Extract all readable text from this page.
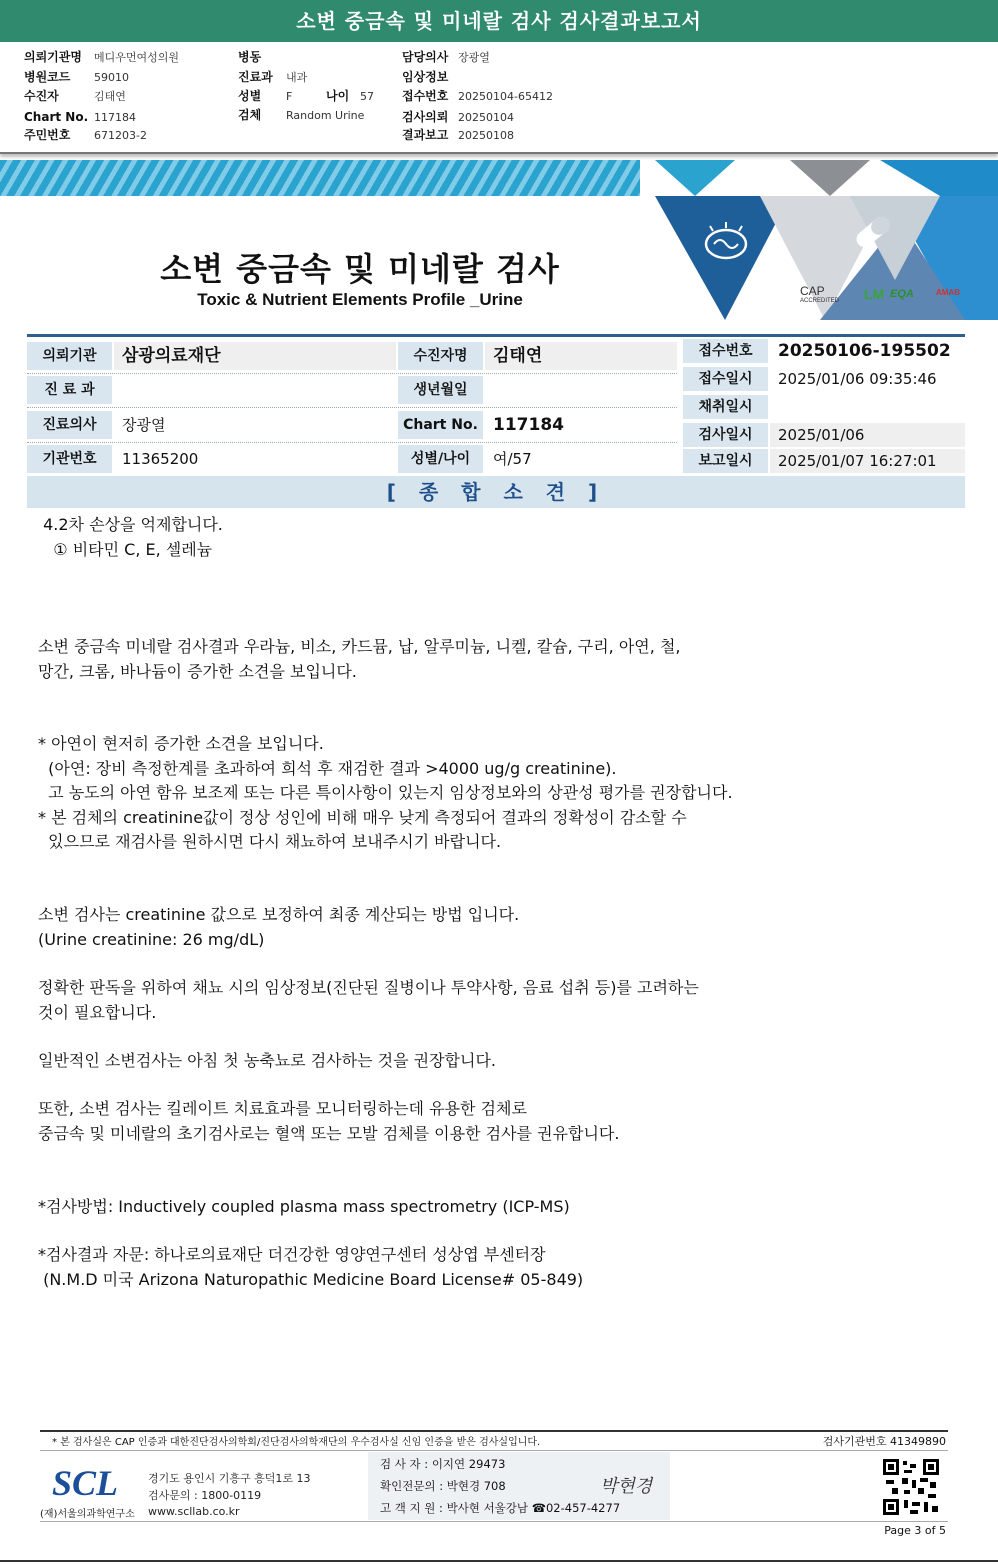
소변 중금속 및 미네랄 검사 검사결과보고서
의뢰기관명 메디우먼여성의원
병원코드 59010
수진자	김태연
Chart No. 117184
주민번호 671203-2
병동
진료과 내과
성별 F	나이 57
검체 Random Urine
담당의사 장광열
임상정보
접수번호 20250104-65412
검사의뢰 20250104
결과보고 20250108
CAP
ACCREDITED LM EQA	AMAB
소변 중금속 및 미네랄 검사
Toxic & Nutrient Elements Profile _Urine
의뢰기관	삼광의료재단
진 료 과
진료의사	장광열
기관번호	11365200
수진자명	김태연
생년월일
Chart No. 117184
성별/나이	여/57
접수번호	20250106-195502
접수일시	2025/01/06 09:35:46
채취일시
검사일시	2025/01/06
보고일시	2025/01/07 16:27:01
[ 종 합 소 견 ]
4.2차 손상을 억제합니다.
① 비타민 C, E, 셀레늄
소변 중금속 미네랄 검사결과 우라늄, 비소, 카드뮴, 납, 알루미늄, 니켈, 칼슘, 구리, 아연, 철,
망간, 크롬, 바나듐이 증가한 소견을 보입니다.
* 아연이 현저히 증가한 소견을 보입니다.
(아연: 장비 측정한계를 초과하여 희석 후 재검한 결과 >4000 ug/g creatinine).
고 농도의 아연 함유 보조제 또는 다른 특이사항이 있는지 임상정보와의 상관성 평가를 권장합니다.
* 본 검체의 creatinine값이 정상 성인에 비해 매우 낮게 측정되어 결과의 정확성이 감소할 수
있으므로 재검사를 원하시면 다시 채뇨하여 보내주시기 바랍니다.
소변 검사는 creatinine 값으로 보정하여 최종 계산되는 방법 입니다.
(Urine creatinine: 26 mg/dL)
정확한 판독을 위하여 채뇨 시의 임상정보(진단된 질병이나 투약사항, 음료 섭취 등)를 고려하는
것이 필요합니다.
일반적인 소변검사는 아침 첫 농축뇨로 검사하는 것을 권장합니다.
또한, 소변 검사는 킬레이트 치료효과를 모니터링하는데 유용한 검체로
중금속 및 미네랄의 초기검사로는 혈액 또는 모발 검체를 이용한 검사를 권유합니다.
*검사방법: Inductively coupled plasma mass spectrometry (ICP-MS)
*검사결과 자문: 하나로의료재단 더건강한 영양연구센터 성상엽 부센터장
(N.M.D 미국 Arizona Naturopathic Medicine Board License# 05-849)
* 본 검사실은 CAP 인증과 대한진단검사의학회/진단검사의학재단의 우수검사실 신임 인증을 받은 검사실입니다.	검사기관번호 41349890
SCL
(재)서울의과학연구소
경기도 용인시 기흥구 흥덕1로 13
검사문의 : 1800-0119
www.scllab.co.kr
검 사 자 : 이지연 29473
확인전문의 : 박현경 708
고 객 지 원 : 박사현 서울강남 ☎02-457-4277
박현경
Page 3 of 5
